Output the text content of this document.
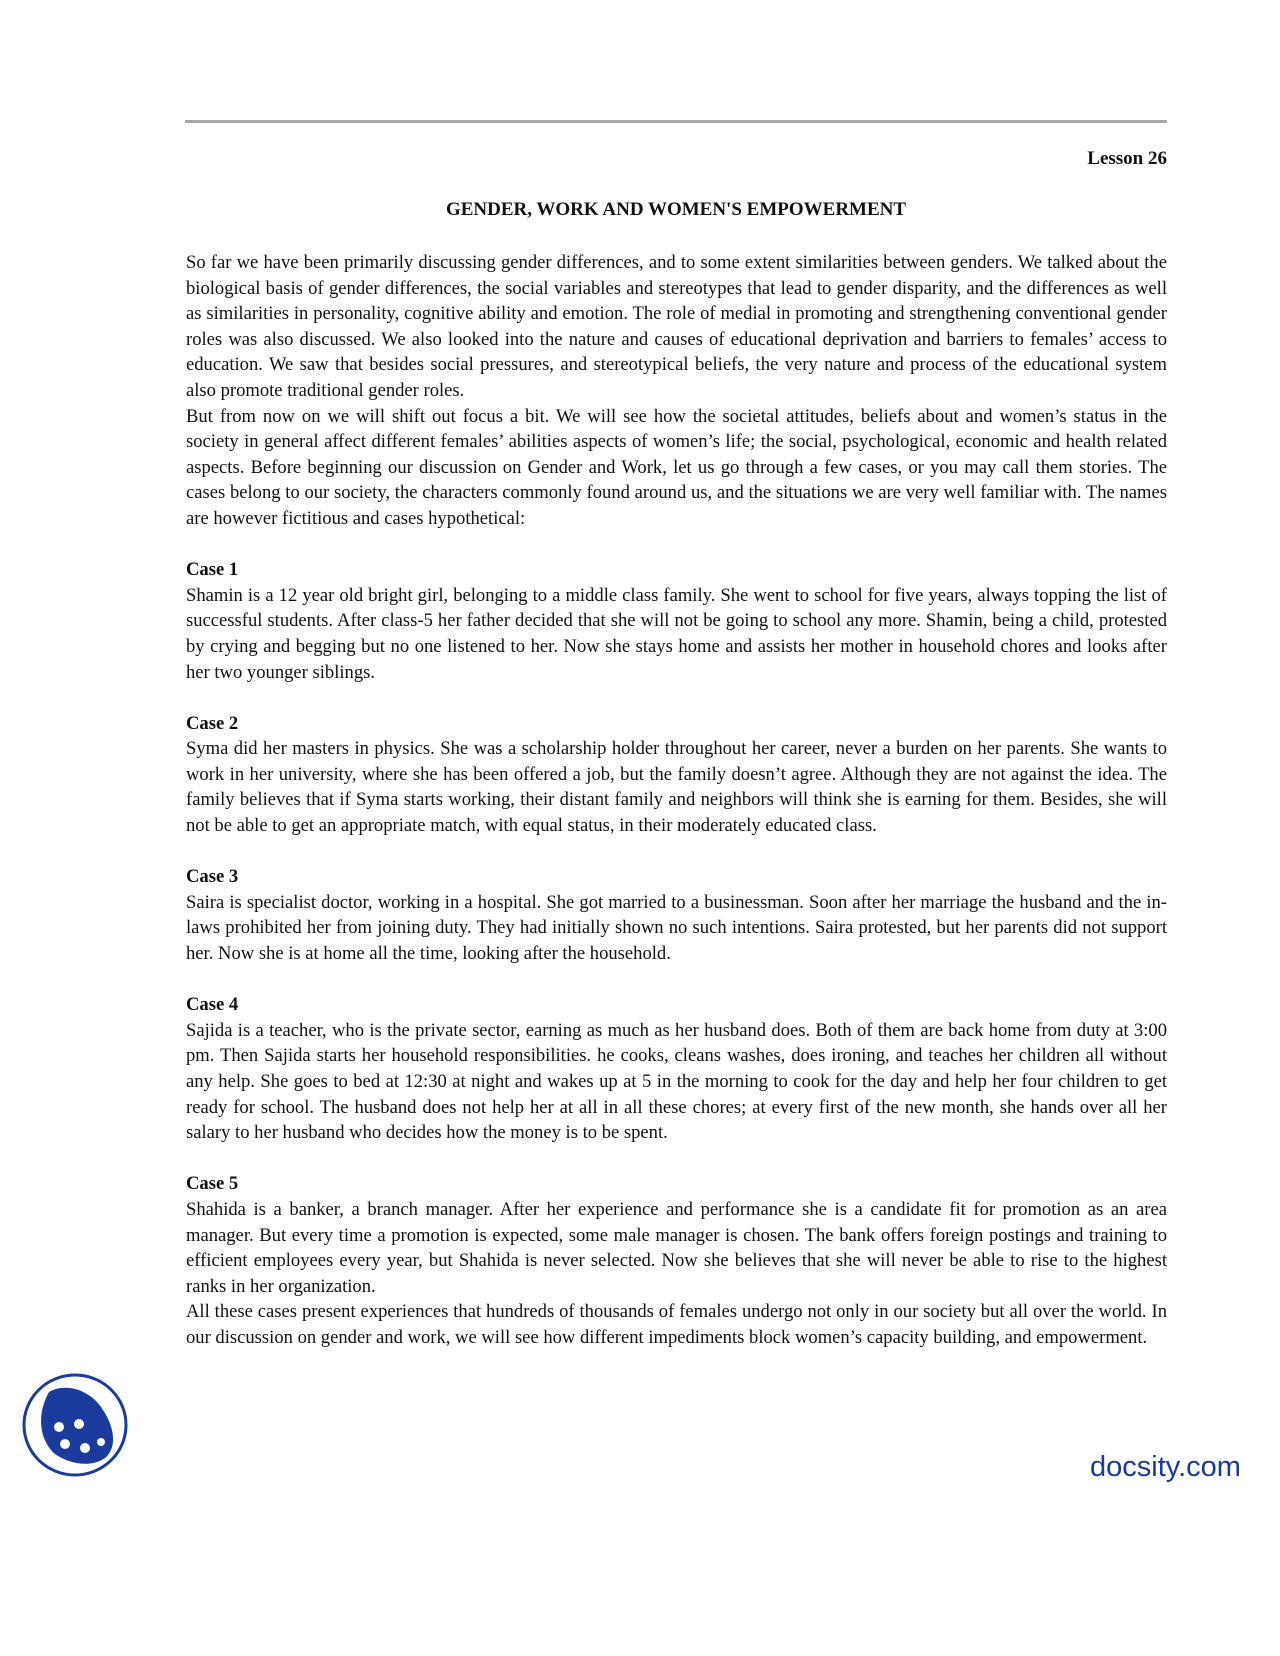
Lesson 26
GENDER, WORK AND WOMEN'S EMPOWERMENT

So far we have been primarily discussing gender differences, and to some extent similarities between genders. We talked about the biological basis of gender differences, the social variables and stereotypes that lead to gender disparity, and the differences as well as similarities in personality, cognitive ability and emotion. The role of medial in promoting and strengthening conventional gender roles was also discussed. We also looked into the nature and causes of educational deprivation and barriers to females’ access to education. We saw that besides social pressures, and stereotypical beliefs, the very nature and process of the educational system also promote traditional gender roles.

But from now on we will shift out focus a bit. We will see how the societal attitudes, beliefs about and women’s status in the society in general affect different females’ abilities aspects of women’s life; the social, psychological, economic and health related aspects. Before beginning our discussion on Gender and Work, let us go through a few cases, or you may call them stories. The cases belong to our society, the characters commonly found around us, and the situations we are very well familiar with. The names are however fictitious and cases hypothetical:

Case 1

Shamin is a 12 year old bright girl, belonging to a middle class family. She went to school for five years, always topping the list of successful students. After class-5 her father decided that she will not be going to school any more. Shamin, being a child, protested by crying and begging but no one listened to her. Now she stays home and assists her mother in household chores and looks after her two younger siblings.

Case 2

Syma did her masters in physics. She was a scholarship holder throughout her career, never a burden on her parents. She wants to work in her university, where she has been offered a job, but the family doesn’t agree. Although they are not against the idea. The family believes that if Syma starts working, their distant family and neighbors will think she is earning for them. Besides, she will not be able to get an appropriate match, with equal status, in their moderately educated class.

Case 3

Saira is specialist doctor, working in a hospital. She got married to a businessman. Soon after her marriage the husband and the in-laws prohibited her from joining duty. They had initially shown no such intentions. Saira protested, but her parents did not support her. Now she is at home all the time, looking after the household.

Case 4

Sajida is a teacher, who is the private sector, earning as much as her husband does. Both of them are back home from duty at 3:00 pm. Then Sajida starts her household responsibilities. he cooks, cleans washes, does ironing, and teaches her children all without any help. She goes to bed at 12:30 at night and wakes up at 5 in the morning to cook for the day and help her four children to get ready for school. The husband does not help her at all in all these chores; at every first of the new month, she hands over all her salary to her husband who decides how the money is to be spent.

Case 5

Shahida is a banker, a branch manager. After her experience and performance she is a candidate fit for promotion as an area manager. But every time a promotion is expected, some male manager is chosen. The bank offers foreign postings and training to efficient employees every year, but Shahida is never selected. Now she believes that she will never be able to rise to the highest ranks in her organization.

All these cases present experiences that hundreds of thousands of females undergo not only in our society but all over the world. In our discussion on gender and work, we will see how different impediments block women’s capacity building, and empowerment.

docsity.com
